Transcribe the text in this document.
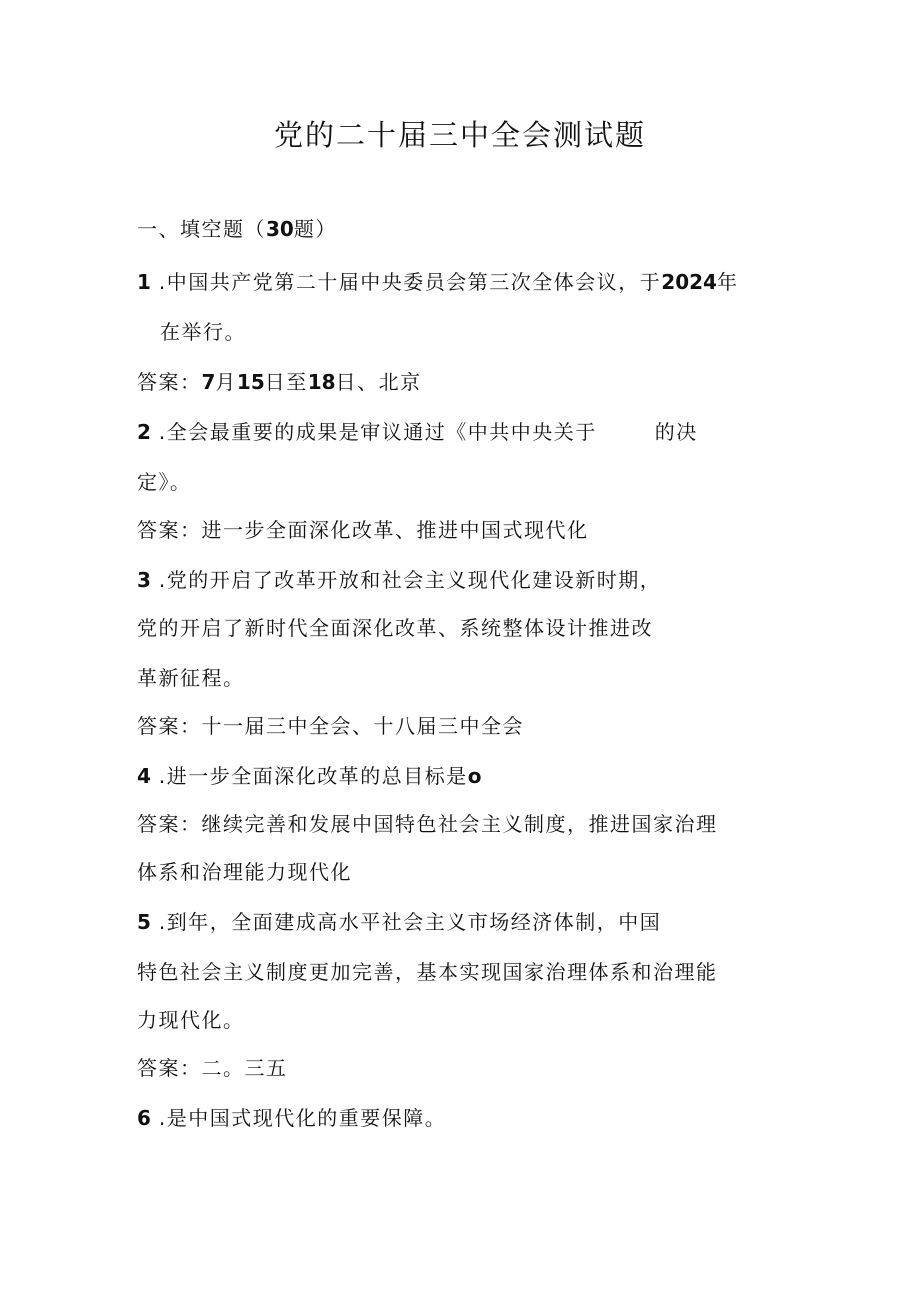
党的二十届三中全会测试题
一、填空题（30题）
1 .中国共产党第二十届中央委员会第三次全体会议，于2024年
在举行。
答案：7月15日至18日、北京
2 .全会最重要的成果是审议通过《中共中央关于	的决
定》。
答案：进一步全面深化改革、推进中国式现代化
3 .党的开启了改革开放和社会主义现代化建设新时期，
党的开启了新时代全面深化改革、系统整体设计推进改
革新征程。
答案：十一届三中全会、十八届三中全会
4 .进一步全面深化改革的总目标是o
答案：继续完善和发展中国特色社会主义制度，推进国家治理
体系和治理能力现代化
5 .到年，全面建成高水平社会主义市场经济体制，中国
特色社会主义制度更加完善，基本实现国家治理体系和治理能
力现代化。
答案：二。三五
6 .是中国式现代化的重要保障。
